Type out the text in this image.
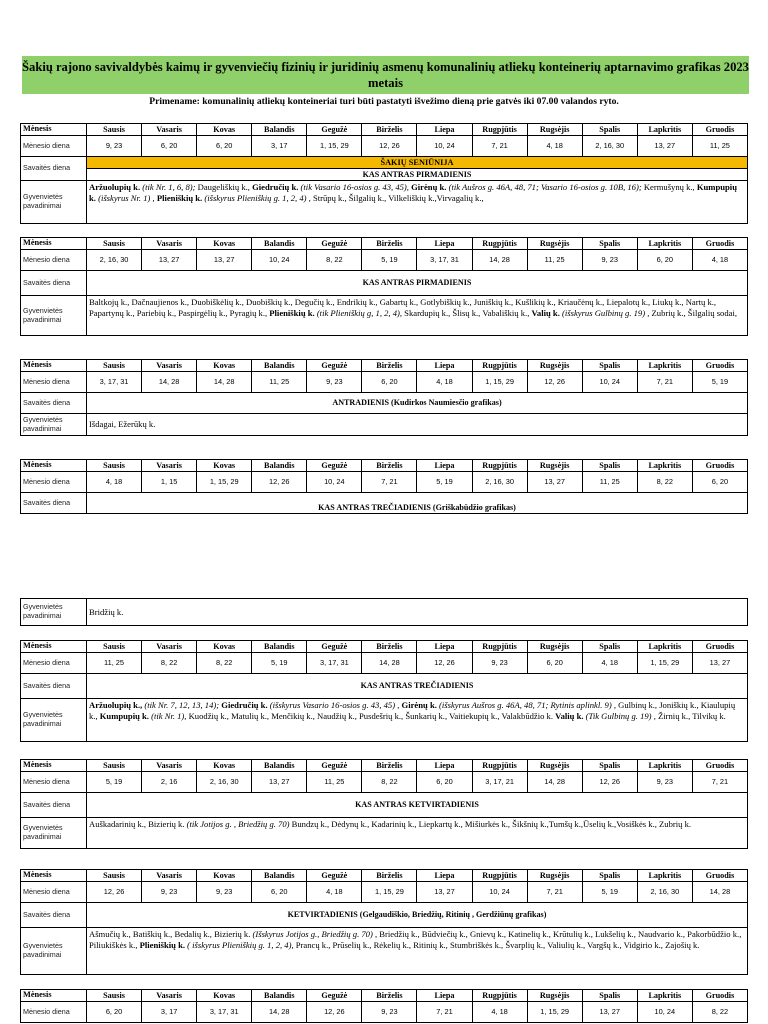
Šakių rajono savivaldybės kaimų ir gyvenviečių fizinių ir juridinių asmenų komunalinių atliekų konteinerių aptarnavimo grafikas 2023 metais
Primename: komunalinių atliekų konteineriai turi būti pastatyti išvežimo dieną prie gatvės iki 07.00 valandos ryto.
Mėnesis	Sausis	Vasaris	Kovas	Balandis	Gegužė	Birželis	Liepa	Rugpjūtis	Rugsėjis	Spalis	Lapkritis	Gruodis
Mėnesio diena	9, 23	6, 20	6, 20	3, 17	1, 15, 29	12, 26	10, 24	7, 21	4, 18	2, 16, 30	13, 27	11, 25
Savaitės diena	ŠAKIŲ SENIŪNIJA											
	KAS ANTRAS PIRMADIENIS											
Gyvenvietės pavadinimai	Aržuolupių k. (tik Nr. 1, 6, 8); Daugeliškių k., Giedručių k. (tik Vasario 16-osios g. 43, 45), Girėnų k. (tik Aušros g. 46A, 48, 71; Vasario 16-osios g. 10B, 16); Kermušynų k., Kumpupių k. (išskyrus Nr. 1) , Plieniškių k. (išskyrus Plieniškių g. 1, 2, 4) , Strūpų k., Šilgalių k., Vilkeliškių k.,Virvagalių k.,											
Mėnesis	Sausis	Vasaris	Kovas	Balandis	Gegužė	Birželis	Liepa	Rugpjūtis	Rugsėjis	Spalis	Lapkritis	Gruodis
Mėnesio diena	2, 16, 30	13, 27	13, 27	10, 24	8, 22	5, 19	3, 17, 31	14, 28	11, 25	9, 23	6, 20	4, 18
Savaitės diena	KAS ANTRAS PIRMADIENIS											
Gyvenvietės pavadinimai	Baltkojų k., Dačnaujienos k., Duobiškėlių k., Duobiškių k., Degučių k., Endrikių k., Gabartų k., Gotlybiškių k., Juniškių k., Kušlikių k., Kriaučėnų k., Liepalotų k., Liukų k., Nartų k., Papartynų k., Pariebių k., Paspirgėlių k., Pyragių k., Plieniškių k. (tik Plieniškių g, 1, 2, 4), Skardupių k., Šlisų k., Vabališkių k., Valių k. (išskyrus Gulbinų g. 19) , Zubrių k., Šilgalių sodai,											
Mėnesis	Sausis	Vasaris	Kovas	Balandis	Gegužė	Birželis	Liepa	Rugpjūtis	Rugsėjis	Spalis	Lapkritis	Gruodis
Mėnesio diena	3, 17, 31	14, 28	14, 28	11, 25	9, 23	6, 20	4, 18	1, 15, 29	12, 26	10, 24	7, 21	5, 19
Savaitės diena	ANTRADIENIS (Kudirkos Naumiesčio grafikas)											
Gyvenvietės pavadinimai	Išdagai, Ežerūkų k.											
Mėnesis	Sausis	Vasaris	Kovas	Balandis	Gegužė	Birželis	Liepa	Rugpjūtis	Rugsėjis	Spalis	Lapkritis	Gruodis
Mėnesio diena	4, 18	1, 15	1, 15, 29	12, 26	10, 24	7, 21	5, 19	2, 16, 30	13, 27	11, 25	8, 22	6, 20
Savaitės diena	KAS ANTRAS TREČIADIENIS (Griškabūdžio grafikas)											
Gyvenvietės pavadinimai	Bridžių k.
Mėnesis	Sausis	Vasaris	Kovas	Balandis	Gegužė	Birželis	Liepa	Rugpjūtis	Rugsėjis	Spalis	Lapkritis	Gruodis
Mėnesio diena	11, 25	8, 22	8, 22	5, 19	3, 17, 31	14, 28	12, 26	9, 23	6, 20	4, 18	1, 15, 29	13, 27
Savaitės diena	KAS ANTRAS TREČIADIENIS											
Gyvenvietės pavadinimai	Aržuolupių k., (tik Nr. 7, 12, 13, 14); Giedručių k. (išskyrus Vasario 16-osios g. 43, 45) , Girėnų k. (išskyrus Aušros g. 46A, 48, 71; Rytinis aplinkl. 9) , Gulbinų k., Joniškių k., Kiaulupių k., Kumpupių k. (tik Nr. 1), Kuodžių k., Matulių k., Menčikių k., Naudžių k., Pusdešrių k., Šunkarių k., Vaitiekupių k., Valakbūdžio k. Valių k. (Tik Gulbinų g. 19) , Žirnių k., Tilvikų k.											
Mėnesis	Sausis	Vasaris	Kovas	Balandis	Gegužė	Birželis	Liepa	Rugpjūtis	Rugsėjis	Spalis	Lapkritis	Gruodis
Mėnesio diena	5, 19	2, 16	2, 16, 30	13, 27	11, 25	8, 22	6, 20	3, 17, 21	14, 28	12, 26	9, 23	7, 21
Savaitės diena	KAS ANTRAS KETVIRTADIENIS											
Gyvenvietės pavadinimai	Auškadarinių k., Bizierių k. (tik Jotijos g. , Briedžių g. 70) Bundzų k., Dėdynų k., Kadarinių k., Liepkartų k., Mišiurkės k., Šikšnių k.,Tumšų k.,Ūselių k.,Vosiškės k., Zubrių k.											
Mėnesis	Sausis	Vasaris	Kovas	Balandis	Gegužė	Birželis	Liepa	Rugpjūtis	Rugsėjis	Spalis	Lapkritis	Gruodis
Mėnesio diena	12, 26	9, 23	9, 23	6, 20	4, 18	1, 15, 29	13, 27	10, 24	7, 21	5, 19	2, 16, 30	14, 28
Savaitės diena	KETVIRTADIENIS (Gelgaudiškio, Briedžių, Ritinių , Gerdžiūnų grafikas)											
Gyvenvietės pavadinimai	Ašmučių k., Batiškių k., Bedalių k., Bizierių k. (Išskyrus Jotijos g., Briedžių g. 70) , Briedžių k., Būdviečių k., Gnievų k., Katinelių k., Krūtulių k., Lukšelių k., Naudvario k., Pakorbūdžio k., Piliukiškės k., Plieniškių k. ( išskyrus Plieniškių g. 1, 2, 4), Prancų k., Prūselių k., Rėkelių k., Ritinių k., Stumbriškės k., Švarplių k., Valiulių k., Vargšų k., Vidgirio k., Zajošių k.											
Mėnesis	Sausis	Vasaris	Kovas	Balandis	Gegužė	Birželis	Liepa	Rugpjūtis	Rugsėjis	Spalis	Lapkritis	Gruodis
Mėnesio diena	6, 20	3, 17	3, 17, 31	14, 28	12, 26	9, 23	7, 21	4, 18	1, 15, 29	13, 27	10, 24	8, 22
